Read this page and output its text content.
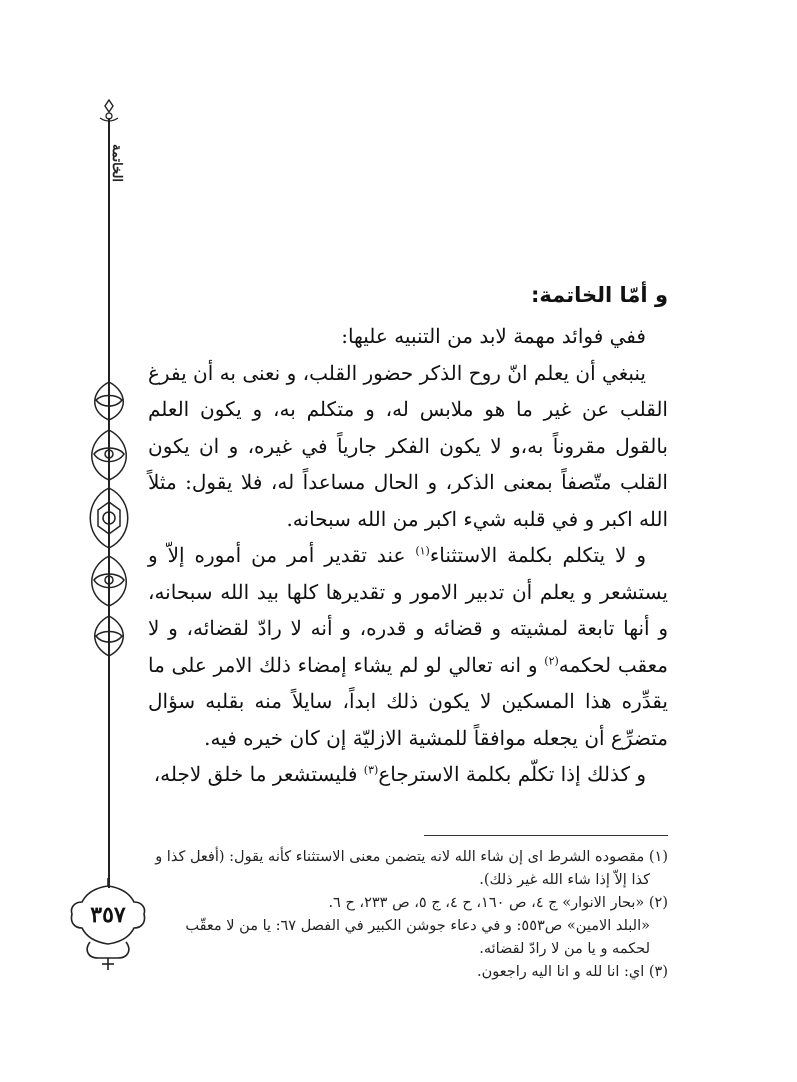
الخاتمة
٣٥٧
و أمّا الخاتمة:

ففي فوائد مهمة لابد من التنبيه عليها:

ينبغي أن يعلم انّ روح الذكر حضور القلب، و نعنى به أن يفرغ القلب عن غير ما هو ملابس له، و متكلم به، و يكون العلم بالقول مقروناً به،و لا يكون الفكر جارياً في غيره، و ان يكون القلب متّصفاً بمعنى الذكر، و الحال مساعداً له، فلا يقول: مثلاً الله اكبر و في قلبه شيء اكبر من الله سبحانه.

و لا يتكلم بكلمة الاستثناء$^{(١)}$ عند تقدير أمر من أموره إلاّ و يستشعر و يعلم أن تدبير الامور و تقديرها كلها بيد الله سبحانه، و أنها تابعة لمشيته و قضائه و قدره، و أنه لا رادّ لقضائه، و لا معقب لحكمه$^{(٢)}$ و انه تعالي لو لم يشاء إمضاء ذلك الامر على ما يقدِّره هذا المسكين لا يكون ذلك ابداً، سايلاً منه بقلبه سؤال متضرِّع أن يجعله موافقاً للمشية الازليّة إن كان خيره فيه.

و كذلك إذا تكلّم بكلمة الاسترجاع$^{(٣)}$ فليستشعر ما خلق لاجله،

(١) مقصوده الشرط اى إن شاء الله لانه يتضمن معنى الاستثناء كأنه يقول: (أفعل كذا و

كذا إلاّ إذا شاء الله غير ذلك).

(٢) «بحار الانوار» ج ٤، ص ١٦٠، ح ٤، ج ٥، ص ٢٣٣، ح ٦.

«البلد الامين» ص٥٥٣: و في دعاء جوشن الكبير في الفصل ٦٧: يا من لا معقّب

لحكمه و يا من لا رادّ لقضائه.

(٣) اي: انا لله و انا اليه راجعون.
